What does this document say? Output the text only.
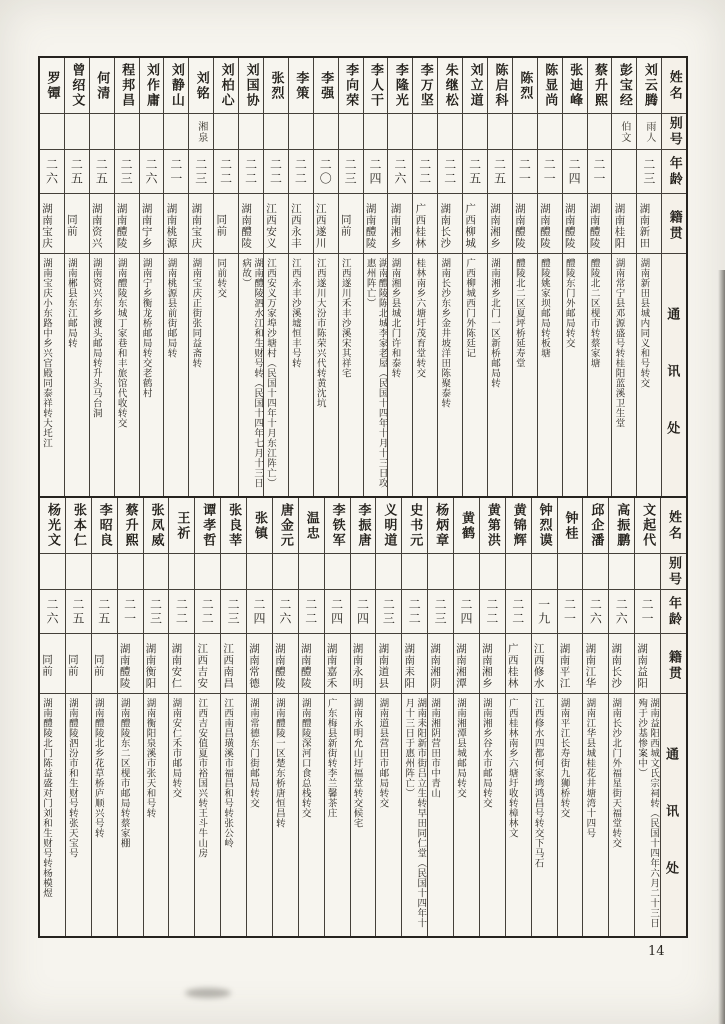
罗镡
二六
湖南宝庆
湖南宝庆小东路中乡兴官殿同泰祥转大圫江
曾绍文
二五
同前
湖南郴县东江邮局转
何清
二五
湖南资兴
湖南资兴东乡渡头邮局转升头马台洞
程邦昌
二三
湖南醴陵
湖南醴陵东城丁家巷和丰旅馆代收转交
刘作庸
二六
湖南宁乡
湖南宁乡衡龙桥邮局转交老鹤村
刘静山
二一
湖南桃源
湖南桃源县前街邮局转
刘铭
湘泉
二三
湖南宝庆
湖南宝庆正街张同益斋转
刘柏心
二二
同前
同前转交
刘国协
二二
湖南醴陵
湖南醴陵泗水江和生财号转（民国十四年七月十三日病故）
张烈
二二
江西安义
江西安义万家埠沙塘村（民国十四年十月东江阵亡）
李策
二二
江西永丰
江西永丰沙溪墟恒丰号转
李强
二〇
江西遂川
江西遂川大汾市陈荣兴代转黄沈坑
李向荣
二三
同前
江西遂川禾丰沙溪宋其祥宅
李人干
二四
湖南醴陵
湖南醴陵陈北城李家老屋（民国十四年十月十三日攻惠州阵亡）
李隆光
二六
湖南湘乡
湖南湘乡县城北门许和泰转
李万坚
二二
广西桂林
桂林南乡六塘圩茂育堂转交
朱继松
二二
湖南长沙
湖南长沙东乡金井坡洋田陈聚泰转
刘立道
二五
广西柳城
广西柳城西门外陈廷记
陈启科
二五
湖南湘乡
湖南湘乡北门一区新桥邮局转
陈烈
二一
湖南醴陵
醴陵北二区夏坪桥延寿堂
陈显尚
二一
湖南醴陵
醴陵姚家坝邮局转板塘
张迪峰
二四
湖南醴陵
醴陵东门外邮局转交
蔡升熙
二一
湖南醴陵
醴陵北二区枧市转蔡家塘
彭宝经
伯文
湖南桂阳
湖南常宁县邓源盛号转桂阳蓝溪卫生堂
刘云腾
雨人
二三
湖南新田
湖南新田县城内同义和号转交
姓名
别号
年龄
籍贯
通讯处
杨光文
二六
同前
湖南醴陵北门陈益盛对门刘和生财号转杨模煜
张本仁
二五
同前
湖南醴陵泗汾市和生财号转张天宝号
李昭良
二五
同前
湖南醴陵北乡花草桥庐顺兴号转
蔡升熙
二一
湖南醴陵
湖南醴陵东二区枧市邮局转蔡家棚
张凤威
二三
湖南衡阳
湖南衡阳泉溪市张天和号转
王祈
二二
湖南安仁
湖南安仁禾市邮局转交
谭孝哲
二二
江西吉安
江西吉安值夏市裕国兴转王斗牛山房
张良莘
二三
江西南昌
江西南昌璜溪市福昌和号转张公岭
张镇
二四
湖南常德
湖南常德东门街邮局转交
唐金元
二六
湖南醴陵
湖南醴陵一区楚东桥唐恒昌转
温忠
二二
湖南醴陵
湖南醴陵深河口食总栈转交
李铁军
二四
湖南嘉禾
广东梅县新街转李兰馨茶庄
李振唐
二四
湖南永明
湖南永明允山圩福堂转交候宅
义明道
二三
湖南道县
湖南道县营田市邮局转交
史书元
二二
湖南耒阳
湖南耒阳新市街吕立生转早田同仁堂（民国十四年十月十三日于惠州阵亡）
杨炳章
二三
湖南湘阴
湖南湘阴营田市中青山
黄鹤
二四
湖南湘潭
湖南湘潭县城邮局转交
黄第洪
二二
湖南湘乡
湖南湘乡谷水市邮局转交
黄锦辉
二二
广西桂林
广西桂林南乡六塘圩收转樟林文
钟烈谟
一九
江西修水
江西修水四都何家塆鸿昌号转交下马石
钟桂
二一
湖南平江
湖南平江长寿街九狮桥转交
邱企潘
二六
湖南江华
湖南江华县城桂花井塘湾十四号
高振鹏
二六
湖南长沙
湖南长沙北门外福星街天福堂转交
文起代
二一
湖南益阳
湖南益阳西城文氏宗祠转（民国十四年六月二十三日殉于沙基惨案中）
姓名
别号
年龄
籍贯
通讯处
14
